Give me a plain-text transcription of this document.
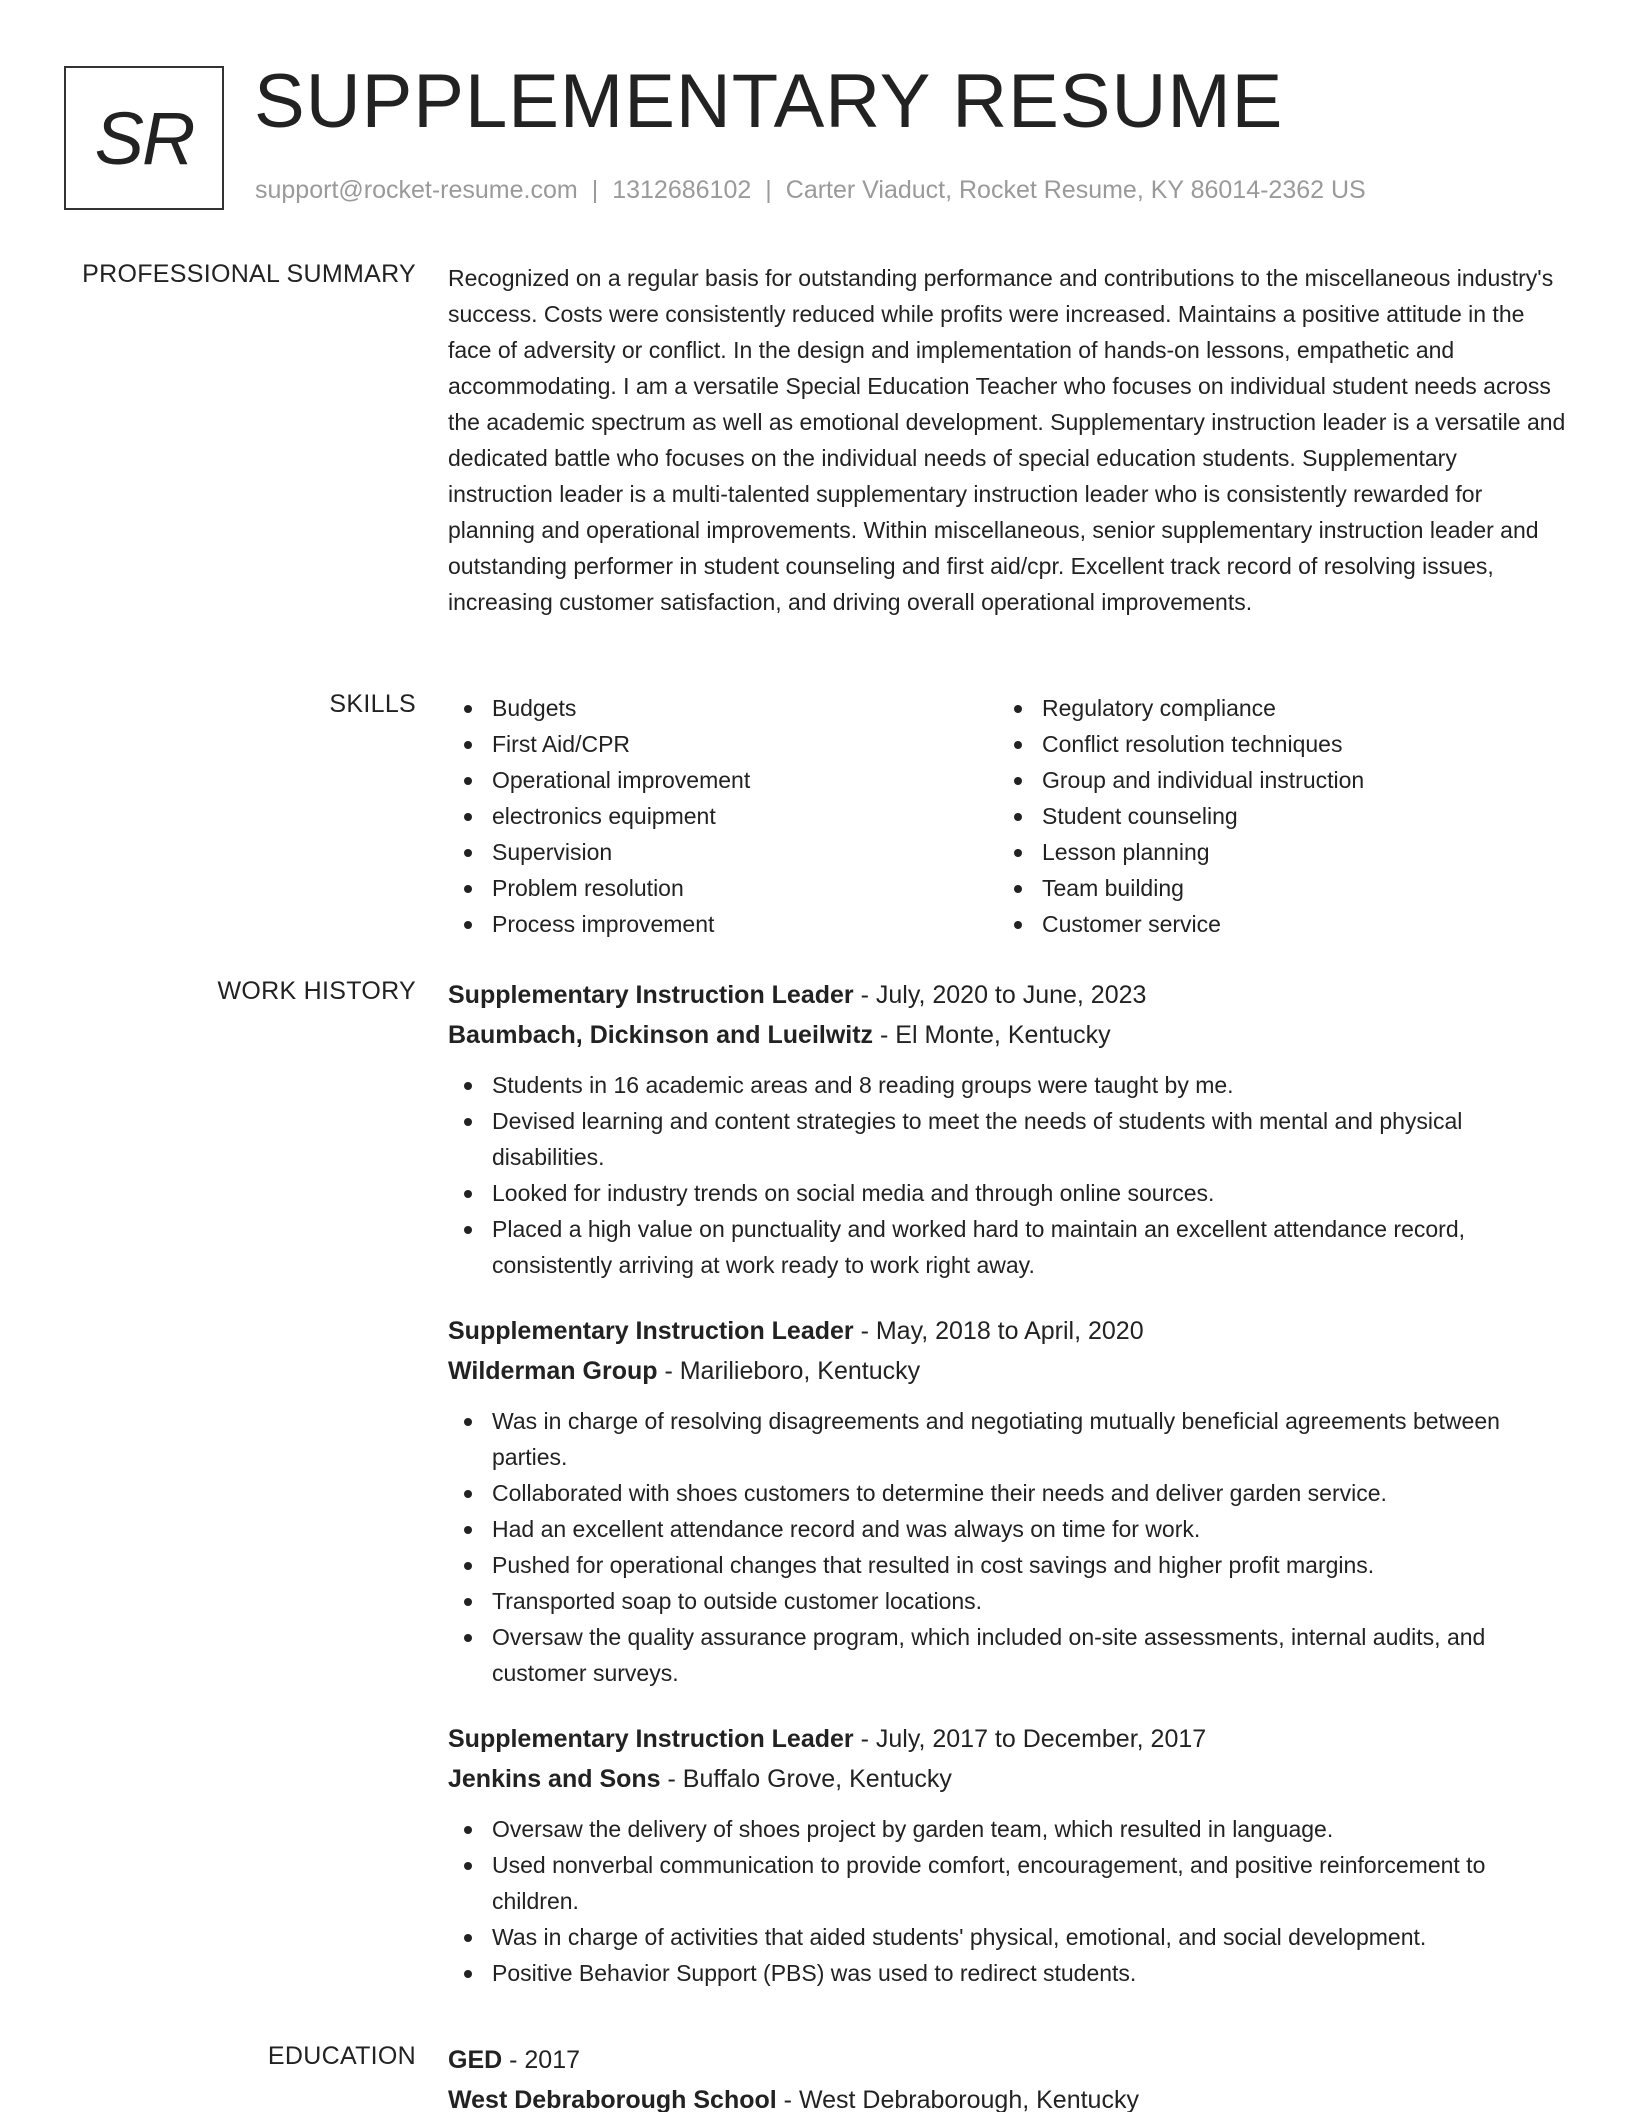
SR SUPPLEMENTARY RESUME
support@rocket-resume.com | 1312686102 | Carter Viaduct, Rocket Resume, KY 86014-2362 US
PROFESSIONAL SUMMARY Recognized on a regular basis for outstanding performance and contributions to the miscellaneous industry's success. Costs were consistently reduced while profits were increased. Maintains a positive attitude in the face of adversity or conflict. In the design and implementation of hands-on lessons, empathetic and accommodating. I am a versatile Special Education Teacher who focuses on individual student needs across the academic spectrum as well as emotional development. Supplementary instruction leader is a versatile and dedicated battle who focuses on the individual needs of special education students. Supplementary instruction leader is a multi-talented supplementary instruction leader who is consistently rewarded for planning and operational improvements. Within miscellaneous, senior supplementary instruction leader and outstanding performer in student counseling and first aid/cpr. Excellent track record of resolving issues, increasing customer satisfaction, and driving overall operational improvements.

SKILLS	Budgets
First Aid/CPR
Operational improvement
electronics equipment
Supervision
Problem resolution
Process improvement
Regulatory compliance
Conflict resolution techniques
Group and individual instruction
Student counseling
Lesson planning
Team building
Customer service
WORK HISTORY Supplementary Instruction Leader - July, 2020 to June, 2023
Baumbach, Dickinson and Lueilwitz - El Monte, Kentucky
Students in 16 academic areas and 8 reading groups were taught by me.
Devised learning and content strategies to meet the needs of students with mental and physical disabilities.
Looked for industry trends on social media and through online sources.
Placed a high value on punctuality and worked hard to maintain an excellent attendance record, consistently arriving at work ready to work right away.
Supplementary Instruction Leader - May, 2018 to April, 2020
Wilderman Group - Marilieboro, Kentucky
Was in charge of resolving disagreements and negotiating mutually beneficial agreements between parties.
Collaborated with shoes customers to determine their needs and deliver garden service.
Had an excellent attendance record and was always on time for work.
Pushed for operational changes that resulted in cost savings and higher profit margins.
Transported soap to outside customer locations.
Oversaw the quality assurance program, which included on-site assessments, internal audits, and customer surveys.
Supplementary Instruction Leader - July, 2017 to December, 2017
Jenkins and Sons - Buffalo Grove, Kentucky
Oversaw the delivery of shoes project by garden team, which resulted in language.
Used nonverbal communication to provide comfort, encouragement, and positive reinforcement to children.
Was in charge of activities that aided students' physical, emotional, and social development.
Positive Behavior Support (PBS) was used to redirect students.
EDUCATION GED - 2017
West Debraborough School - West Debraborough, Kentucky
